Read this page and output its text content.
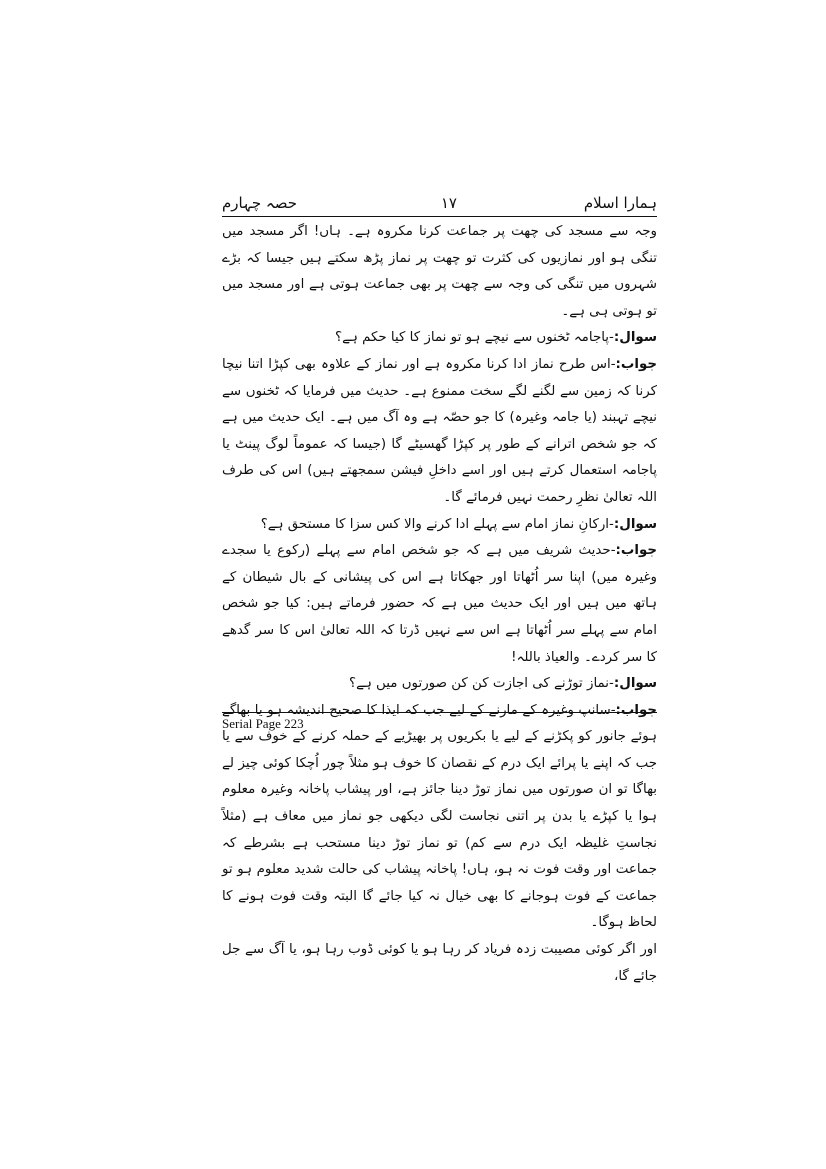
ہمارا اسلام
۱۷
حصہ چہارم

وجہ سے مسجد کی چھت پر جماعت کرنا مکروہ ہے۔ ہاں! اگر مسجد میں تنگی ہو اور نمازیوں کی کثرت تو چھت پر نماز پڑھ سکتے ہیں جیسا کہ بڑے شہروں میں تنگی کی وجہ سے چھت پر بھی جماعت ہوتی ہے اور مسجد میں تو ہوتی ہی ہے۔

سوال:-پاجامہ ٹخنوں سے نیچے ہو تو نماز کا کیا حکم ہے؟

جواب:-اس طرح نماز ادا کرنا مکروہ ہے اور نماز کے علاوہ بھی کپڑا اتنا نیچا کرنا کہ زمین سے لگنے لگے سخت ممنوع ہے۔ حدیث میں فرمایا کہ ٹخنوں سے نیچے تہبند (یا جامہ وغیرہ) کا جو حصّہ ہے وہ آگ میں ہے۔ ایک حدیث میں ہے کہ جو شخص اترانے کے طور پر کپڑا گھسیٹے گا (جیسا کہ عموماً لوگ پینٹ یا پاجامہ استعمال کرتے ہیں اور اسے داخلِ فیشن سمجھتے ہیں) اس کی طرف اللہ تعالیٰ نظرِ رحمت نہیں فرمائے گا۔

سوال:-ارکانِ نماز امام سے پہلے ادا کرنے والا کس سزا کا مستحق ہے؟

جواب:-حدیث شریف میں ہے کہ جو شخص امام سے پہلے (رکوع یا سجدے وغیرہ میں) اپنا سر اُٹھاتا اور جھکاتا ہے اس کی پیشانی کے بال شیطان کے ہاتھ میں ہیں اور ایک حدیث میں ہے کہ حضور فرماتے ہیں: کیا جو شخص امام سے پہلے سر اُٹھاتا ہے اس سے نہیں ڈرتا کہ اللہ تعالیٰ اس کا سر گدھے کا سر کردے۔ والعیاذ باللہ!

سوال:-نماز توڑنے کی اجازت کن کن صورتوں میں ہے؟

جواب:-سانپ وغیرہ کے مارنے کے لیے جب کہ ایذا کا صحیح اندیشہ ہو یا بھاگے ہوئے جانور کو پکڑنے کے لیے یا بکریوں پر بھیڑیے کے حملہ کرنے کے خوف سے یا جب کہ اپنے یا پرائے ایک درم کے نقصان کا خوف ہو مثلاً چور اُچکا کوئی چیز لے بھاگا تو ان صورتوں میں نماز توڑ دینا جائز ہے، اور پیشاب پاخانہ وغیرہ معلوم ہوا یا کپڑے یا بدن پر اتنی نجاست لگی دیکھی جو نماز میں معاف ہے (مثلاً نجاستِ غلیظہ ایک درم سے کم) تو نماز توڑ دینا مستحب ہے بشرطے کہ جماعت اور وقت فوت نہ ہو، ہاں! پاخانہ پیشاب کی حالت شدید معلوم ہو تو جماعت کے فوت ہوجانے کا بھی خیال نہ کیا جائے گا البتہ وقت فوت ہونے کا لحاظ ہوگا۔

اور اگر کوئی مصیبت زدہ فریاد کر رہا ہو یا کوئی ڈوب رہا ہو، یا آگ سے جل جائے گا،

Serial Page 223
